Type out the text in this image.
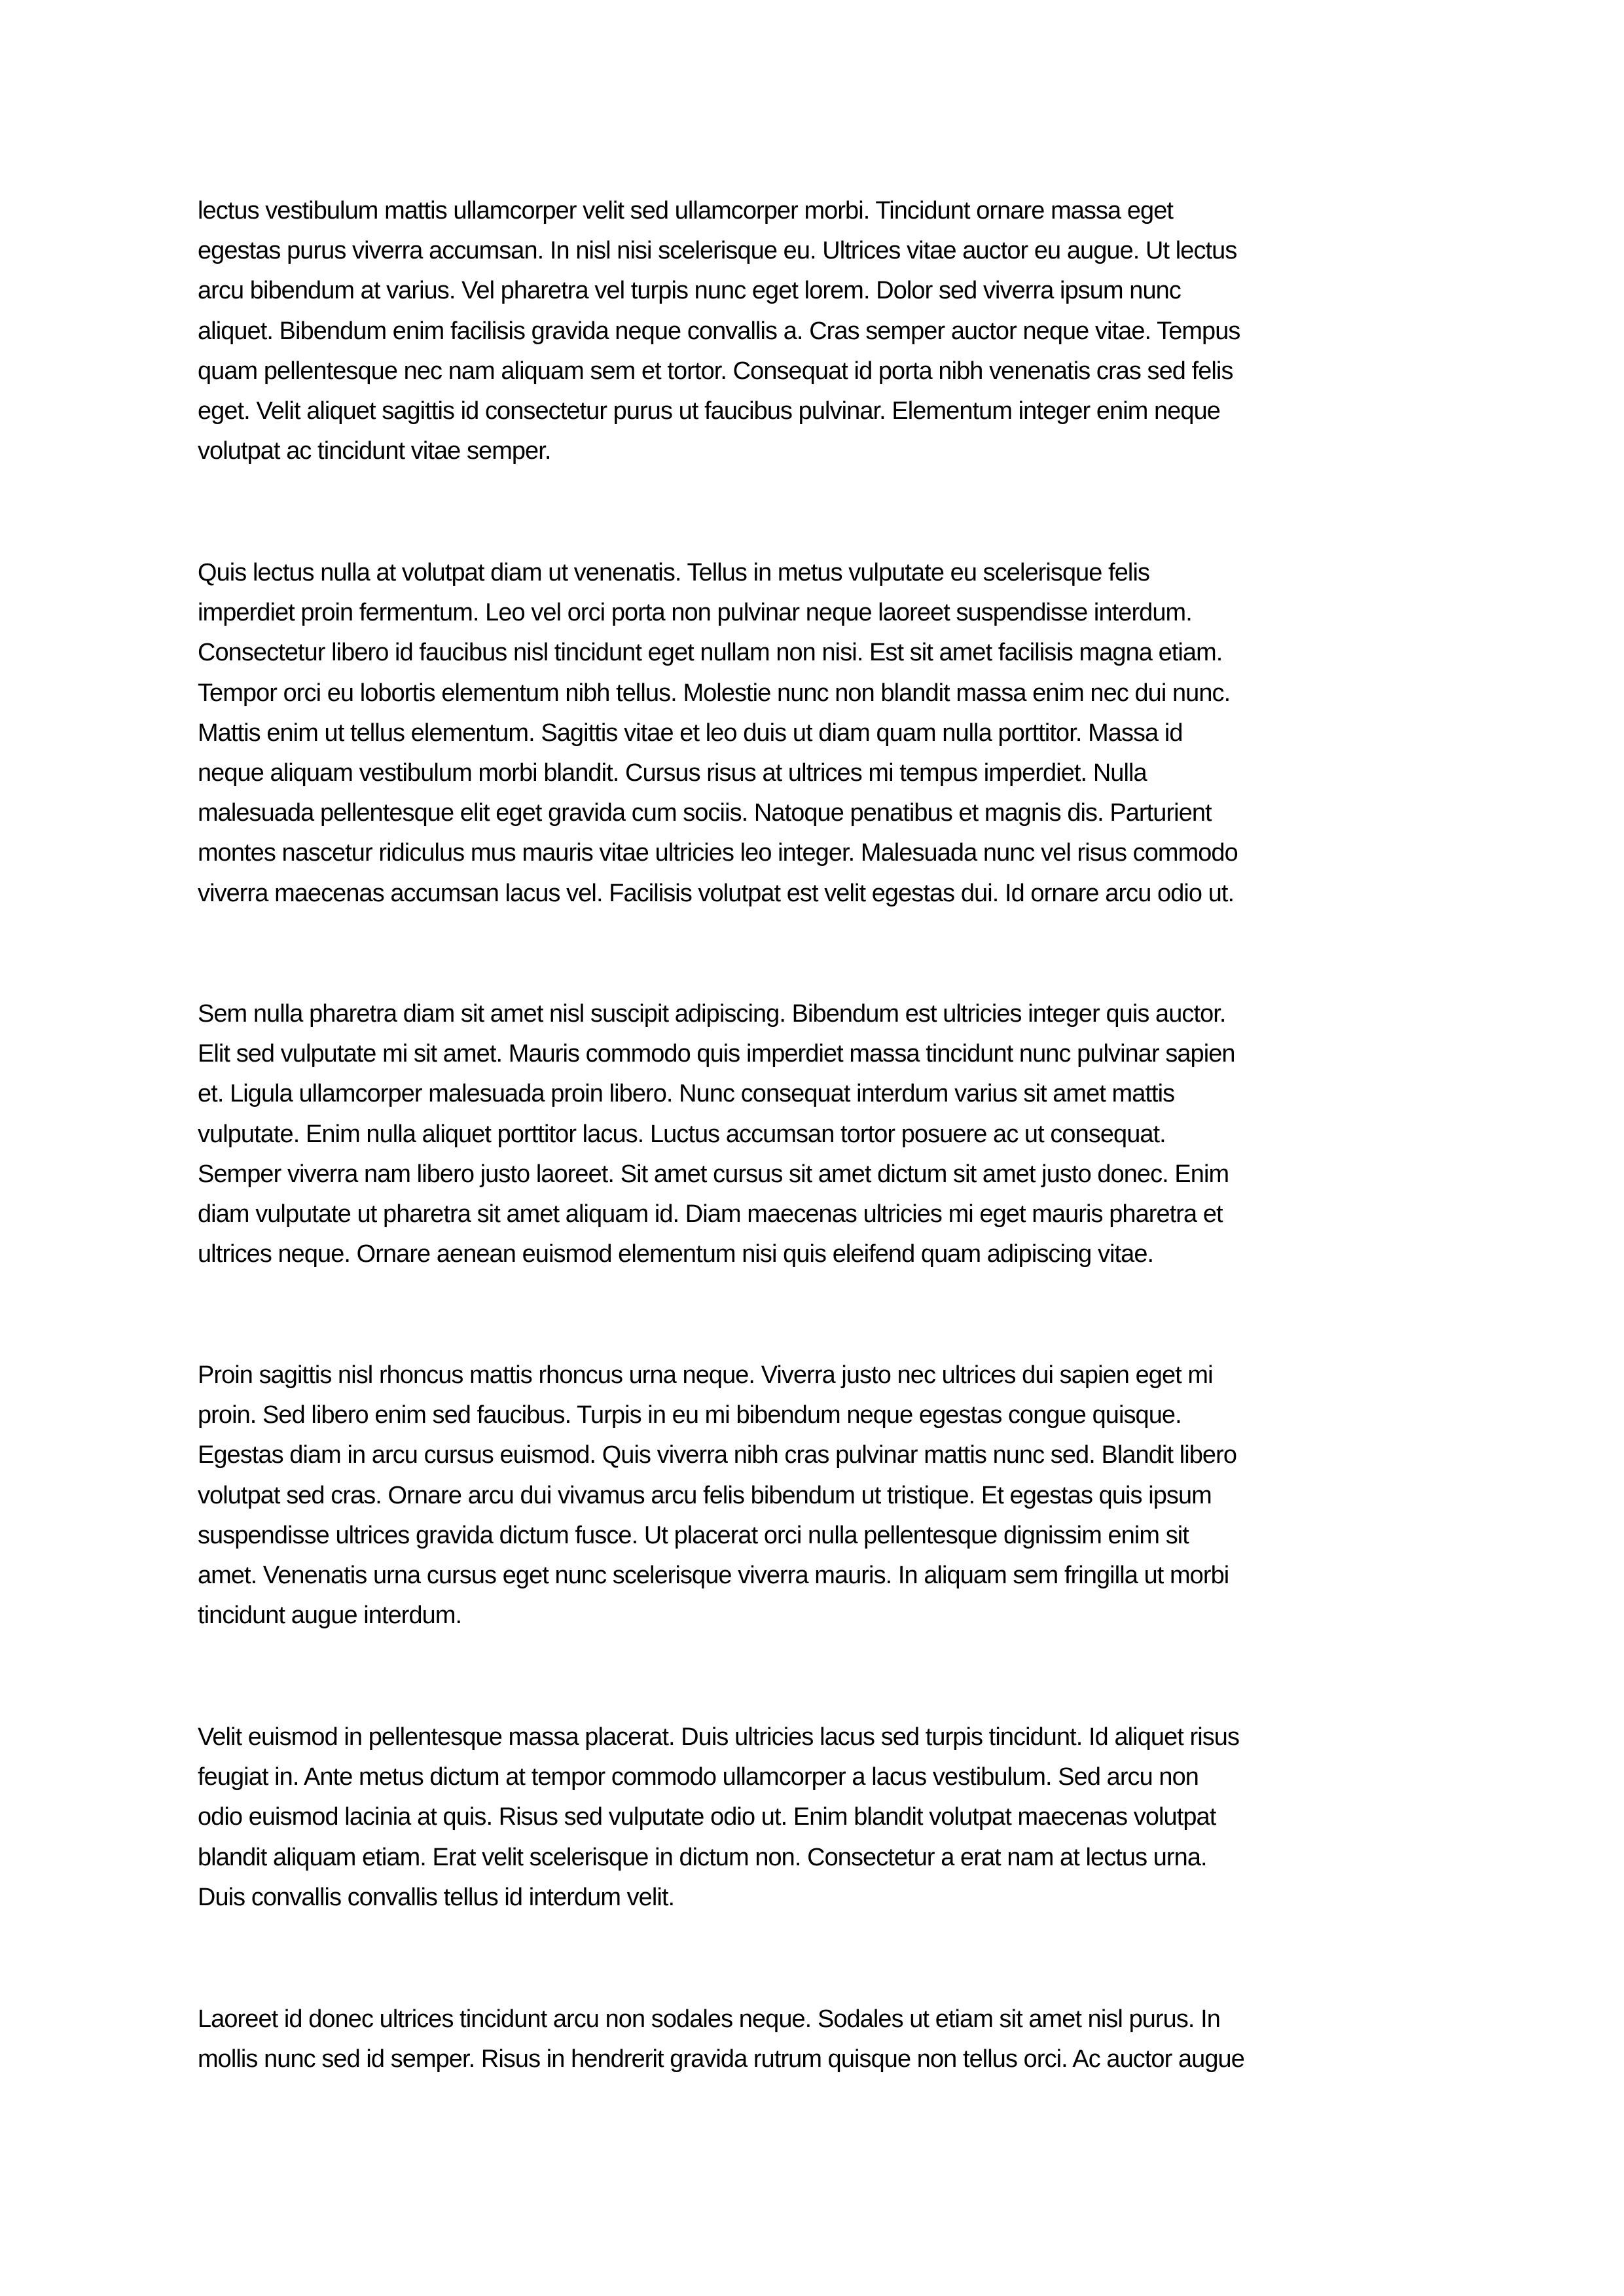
lectus vestibulum mattis ullamcorper velit sed ullamcorper morbi. Tincidunt ornare massa eget
egestas purus viverra accumsan. In nisl nisi scelerisque eu. Ultrices vitae auctor eu augue. Ut lectus
arcu bibendum at varius. Vel pharetra vel turpis nunc eget lorem. Dolor sed viverra ipsum nunc
aliquet. Bibendum enim facilisis gravida neque convallis a. Cras semper auctor neque vitae. Tempus
quam pellentesque nec nam aliquam sem et tortor. Consequat id porta nibh venenatis cras sed felis
eget. Velit aliquet sagittis id consectetur purus ut faucibus pulvinar. Elementum integer enim neque
volutpat ac tincidunt vitae semper.
Quis lectus nulla at volutpat diam ut venenatis. Tellus in metus vulputate eu scelerisque felis
imperdiet proin fermentum. Leo vel orci porta non pulvinar neque laoreet suspendisse interdum.
Consectetur libero id faucibus nisl tincidunt eget nullam non nisi. Est sit amet facilisis magna etiam.
Tempor orci eu lobortis elementum nibh tellus. Molestie nunc non blandit massa enim nec dui nunc.
Mattis enim ut tellus elementum. Sagittis vitae et leo duis ut diam quam nulla porttitor. Massa id
neque aliquam vestibulum morbi blandit. Cursus risus at ultrices mi tempus imperdiet. Nulla
malesuada pellentesque elit eget gravida cum sociis. Natoque penatibus et magnis dis. Parturient
montes nascetur ridiculus mus mauris vitae ultricies leo integer. Malesuada nunc vel risus commodo
viverra maecenas accumsan lacus vel. Facilisis volutpat est velit egestas dui. Id ornare arcu odio ut.
Sem nulla pharetra diam sit amet nisl suscipit adipiscing. Bibendum est ultricies integer quis auctor.
Elit sed vulputate mi sit amet. Mauris commodo quis imperdiet massa tincidunt nunc pulvinar sapien
et. Ligula ullamcorper malesuada proin libero. Nunc consequat interdum varius sit amet mattis
vulputate. Enim nulla aliquet porttitor lacus. Luctus accumsan tortor posuere ac ut consequat.
Semper viverra nam libero justo laoreet. Sit amet cursus sit amet dictum sit amet justo donec. Enim
diam vulputate ut pharetra sit amet aliquam id. Diam maecenas ultricies mi eget mauris pharetra et
ultrices neque. Ornare aenean euismod elementum nisi quis eleifend quam adipiscing vitae.
Proin sagittis nisl rhoncus mattis rhoncus urna neque. Viverra justo nec ultrices dui sapien eget mi
proin. Sed libero enim sed faucibus. Turpis in eu mi bibendum neque egestas congue quisque.
Egestas diam in arcu cursus euismod. Quis viverra nibh cras pulvinar mattis nunc sed. Blandit libero
volutpat sed cras. Ornare arcu dui vivamus arcu felis bibendum ut tristique. Et egestas quis ipsum
suspendisse ultrices gravida dictum fusce. Ut placerat orci nulla pellentesque dignissim enim sit
amet. Venenatis urna cursus eget nunc scelerisque viverra mauris. In aliquam sem fringilla ut morbi
tincidunt augue interdum.
Velit euismod in pellentesque massa placerat. Duis ultricies lacus sed turpis tincidunt. Id aliquet risus
feugiat in. Ante metus dictum at tempor commodo ullamcorper a lacus vestibulum. Sed arcu non
odio euismod lacinia at quis. Risus sed vulputate odio ut. Enim blandit volutpat maecenas volutpat
blandit aliquam etiam. Erat velit scelerisque in dictum non. Consectetur a erat nam at lectus urna.
Duis convallis convallis tellus id interdum velit.
Laoreet id donec ultrices tincidunt arcu non sodales neque. Sodales ut etiam sit amet nisl purus. In
mollis nunc sed id semper. Risus in hendrerit gravida rutrum quisque non tellus orci. Ac auctor augue
